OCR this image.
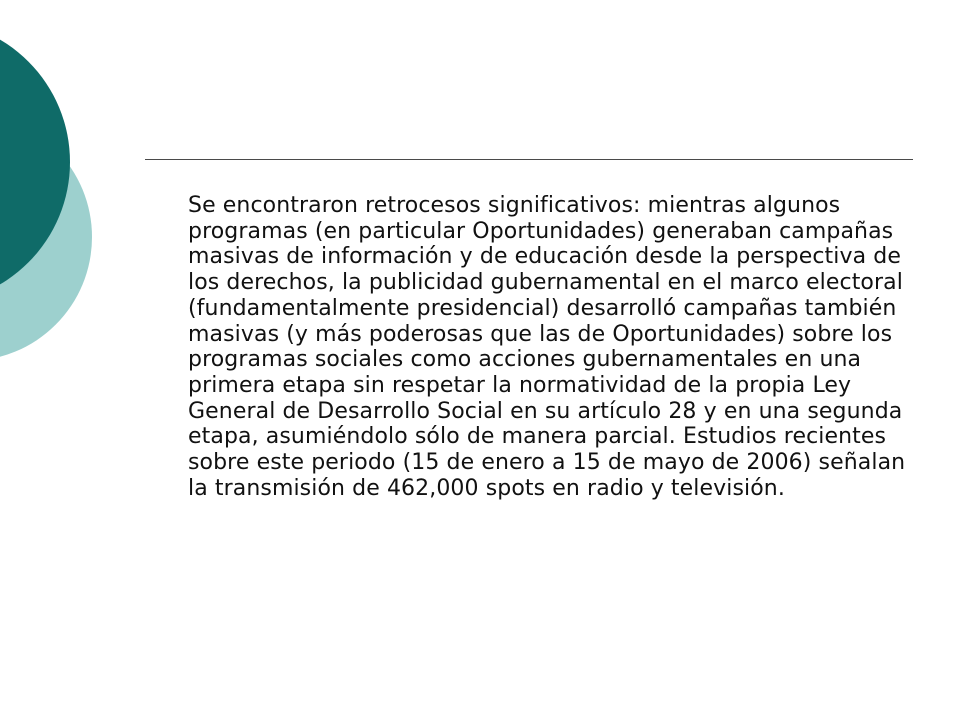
Se encontraron retrocesos significativos: mientras algunos programas (en particular Oportunidades) generaban campañas masivas de información y de educación desde la perspectiva de los derechos, la publicidad gubernamental en el marco electoral (fundamentalmente presidencial) desarrolló campañas también masivas (y más poderosas que las de Oportunidades) sobre los programas sociales como acciones gubernamentales en una primera etapa sin respetar la normatividad de la propia Ley General de Desarrollo Social en su artículo 28 y en una segunda etapa, asumiéndolo sólo de manera parcial. Estudios recientes sobre este periodo (15 de enero a 15 de mayo de 2006) señalan la transmisión de 462,000 spots en radio y televisión.
